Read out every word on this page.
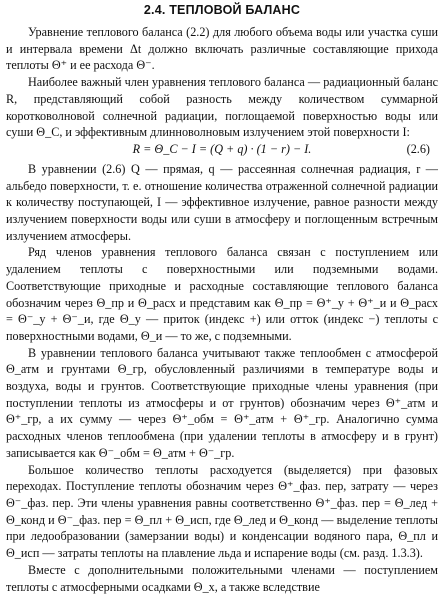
2.4. ТЕПЛОВОЙ БАЛАНС

Уравнение теплового баланса (2.2) для любого объема воды или участка суши и интервала времени Δt должно включать различные составляющие прихода теплоты Θ⁺ и ее расхода Θ⁻.

Наиболее важный член уравнения теплового баланса — радиационный баланс R, представляющий собой разность между количеством суммарной коротковолновой солнечной радиации, поглощаемой поверхностью воды или суши Θ_С, и эффективным длинноволновым излучением этой поверхности I:

R = Θ_С − I = (Q + q) · (1 − r) − I.	(2.6)

В уравнении (2.6) Q — прямая, q — рассеянная солнечная радиация, r — альбедо поверхности, т. е. отношение количества отраженной солнечной радиации к количеству поступающей, I — эффективное излучение, равное разности между излучением поверхности воды или суши в атмосферу и поглощенным встречным излучением атмосферы.

Ряд членов уравнения теплового баланса связан с поступлением или удалением теплоты с поверхностными или подземными водами. Соответствующие приходные и расходные составляющие теплового баланса обозначим через Θ_пр и Θ_расх и представим как Θ_пр = Θ⁺_у + Θ⁺_и и Θ_расх = Θ⁻_у + Θ⁻_и, где Θ_у — приток (индекс +) или отток (индекс −) теплоты с поверхностными водами, Θ_и — то же, с подземными.

В уравнении теплового баланса учитывают также теплообмен с атмосферой Θ_атм и грунтами Θ_гр, обусловленный различиями в температуре воды и воздуха, воды и грунтов. Соответствующие приходные члены уравнения (при поступлении теплоты из атмосферы и от грунтов) обозначим через Θ⁺_атм и Θ⁺_гр, а их сумму — через Θ⁺_обм = Θ⁺_атм + Θ⁺_гр. Аналогично сумма расходных членов теплообмена (при удалении теплоты в атмосферу и в грунт) записывается как Θ⁻_обм = Θ_атм + Θ⁻_гр.

Большое количество теплоты расходуется (выделяется) при фазовых переходах. Поступление теплоты обозначим через Θ⁺_фаз. пер, затрату — через Θ⁻_фаз. пер. Эти члены уравнения равны соответственно Θ⁺_фаз. пер = Θ_лед + Θ_конд и Θ⁻_фаз. пер = Θ_пл + Θ_исп, где Θ_лед и Θ_конд — выделение теплоты при ледообразовании (замерзании воды) и конденсации водяного пара, Θ_пл и Θ_исп — затраты теплоты на плавление льда и испарение воды (см. разд. 1.3.3).

Вместе с дополнительными положительными членами — поступлением теплоты с атмосферными осадками Θ_х, а также вследствие
